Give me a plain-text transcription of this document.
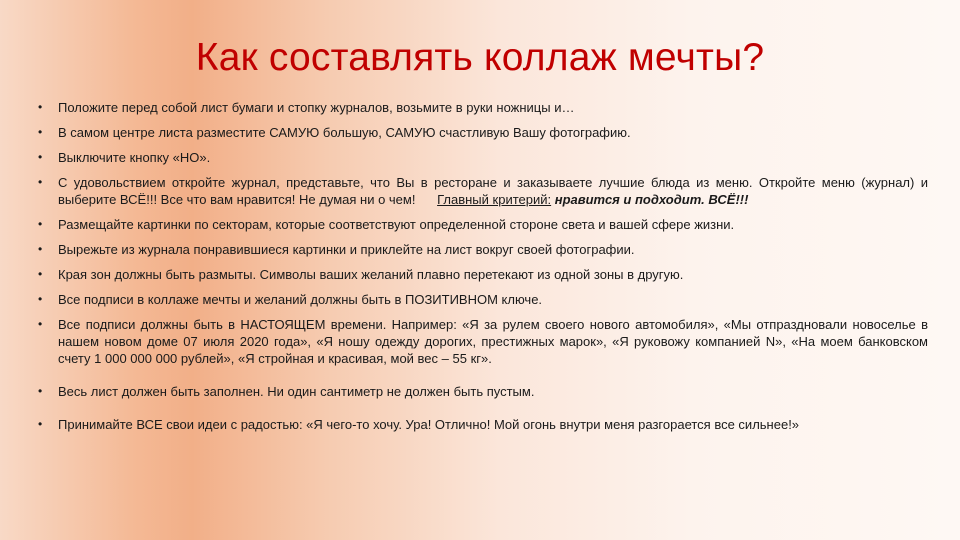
Как составлять коллаж мечты?
• Положите перед собой лист бумаги и стопку журналов, возьмите в руки ножницы и…
• В самом центре листа разместите САМУЮ большую, САМУЮ счастливую Вашу фотографию.
• Выключите кнопку «НО».
• С удовольствием откройте журнал, представьте, что Вы в ресторане и заказываете лучшие блюда из меню. Откройте меню (журнал) и выберите ВСЁ!!! Все что вам нравится! Не думая ни о чем! Главный критерий: нравится и подходит. ВСЁ!!!
• Размещайте картинки по секторам, которые соответствуют определенной стороне света и вашей сфере жизни.
• Вырежьте из журнала понравившиеся картинки и приклейте на лист вокруг своей фотографии.
• Края зон должны быть размыты. Символы ваших желаний плавно перетекают из одной зоны в другую.
• Все подписи в коллаже мечты и желаний должны быть в ПОЗИТИВНОМ ключе.
• Все подписи должны быть в НАСТОЯЩЕМ времени. Например: «Я за рулем своего нового автомобиля», «Мы отпраздновали новоселье в нашем новом доме 07 июля 2020 года», «Я ношу одежду дорогих, престижных марок», «Я руковожу компанией N», «На моем банковском счету 1 000 000 000 рублей», «Я стройная и красивая, мой вес – 55 кг».
• Весь лист должен быть заполнен. Ни один сантиметр не должен быть пустым.
• Принимайте ВСЕ свои идеи с радостью: «Я чего-то хочу. Ура! Отлично! Мой огонь внутри меня разгорается все сильнее!»
